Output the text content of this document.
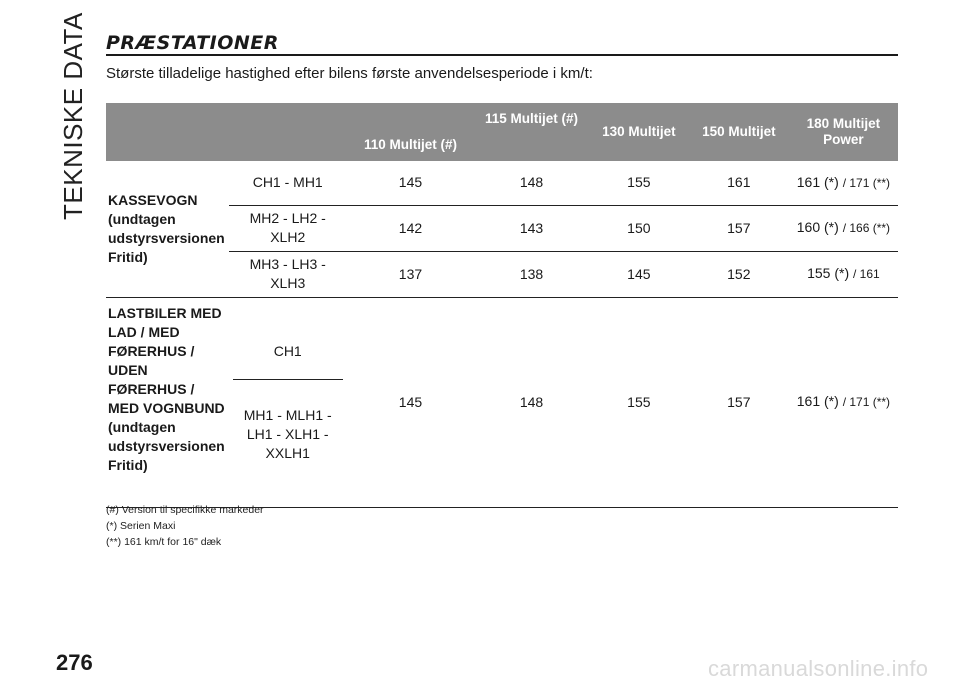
TEKNISKE DATA PRÆSTATIONER
Største tilladelige hastighed efter bilens første anvendelsesperiode i km/t:
		110 Multijet (#)	115 Multijet (#)	130 Multijet	150 Multijet	180 Multijet Power
KASSEVOGN (undtagen udstyrsversionen Fritid)	CH1 - MH1	145	148	155	161	161 (*) / 171 (**)
	MH2 - LH2 - XLH2	142	143	150	157	160 (*) / 166 (**)
	MH3 - LH3 - XLH3	137	138	145	152	155 (*) / 161
LASTBILER MED LAD / MED FØRERHUS / UDEN FØRERHUS / MED VOGNBUND (undtagen udstyrsversionen Fritid)	CH1
MH1 - MLH1 - LH1 - XLH1 - XXLH1	145	148	155	157	161 (*) / 171 (**)
(#) Version til specifikke markeder
(*) Serien Maxi
(**) 161 km/t for 16" dæk
276	carmanualsonline.info
